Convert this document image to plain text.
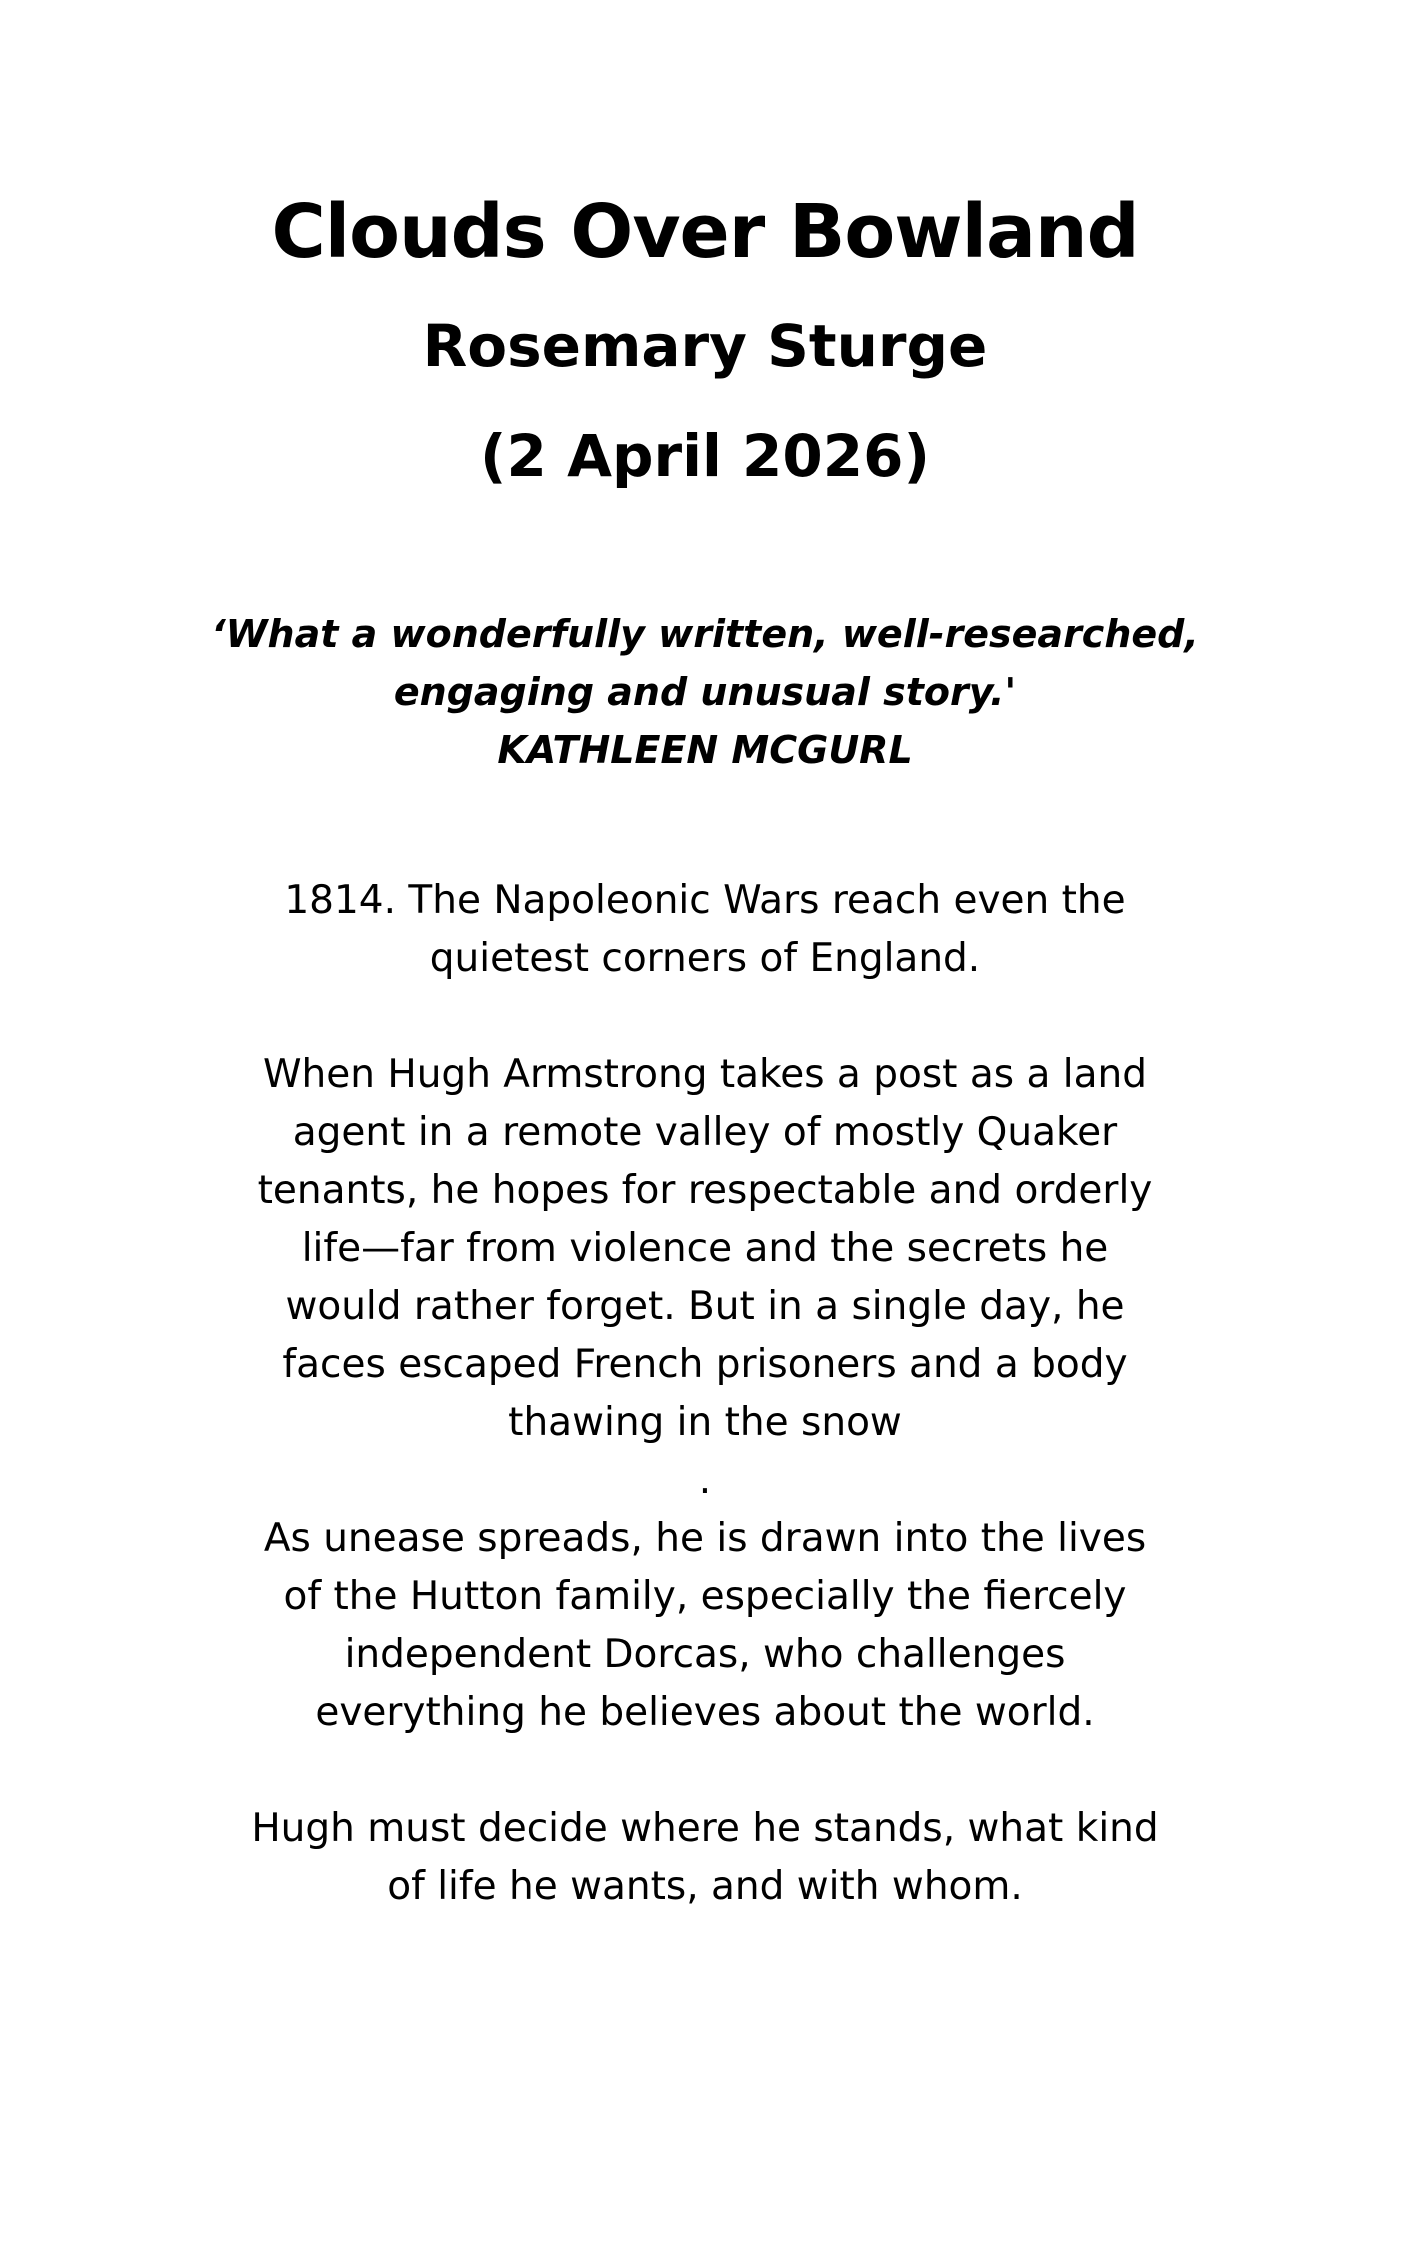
Clouds Over Bowland
Rosemary Sturge
(2 April 2026)
‘What a wonderfully written, well-researched,
engaging and unusual story.'
KATHLEEN MCGURL
1814. The Napoleonic Wars reach even the
quietest corners of England.
When Hugh Armstrong takes a post as a land
agent in a remote valley of mostly Quaker
tenants, he hopes for respectable and orderly
life—far from violence and the secrets he
would rather forget. But in a single day, he
faces escaped French prisoners and a body
thawing in the snow
.
As unease spreads, he is drawn into the lives
of the Hutton family, especially the fiercely
independent Dorcas, who challenges
everything he believes about the world.
Hugh must decide where he stands, what kind
of life he wants, and with whom.
